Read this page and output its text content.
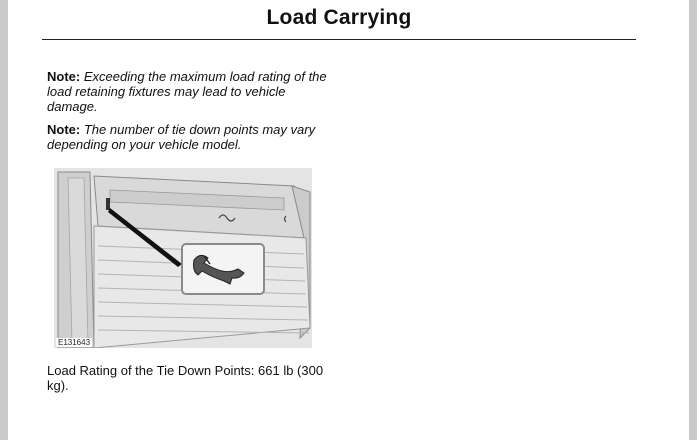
Load Carrying
Note: Exceeding the maximum load rating of the load retaining fixtures may lead to vehicle damage.
Note: The number of tie down points may vary depending on your vehicle model.
E131643
Load Rating of the Tie Down Points: 661 lb (300 kg).
